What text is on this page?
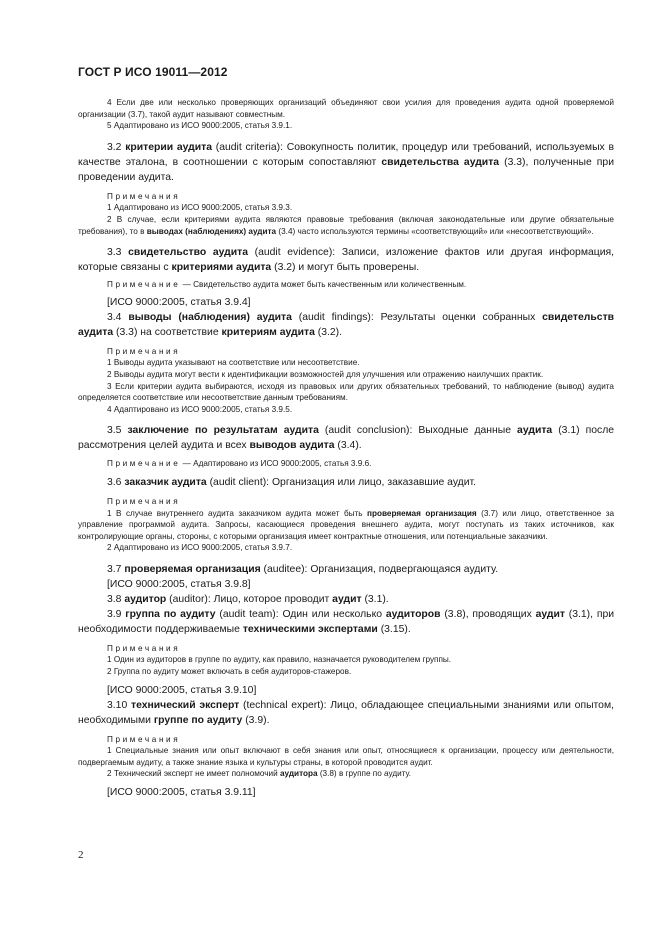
ГОСТ Р ИСО 19011—2012

4 Если две или несколько проверяющих организаций объединяют свои усилия для проведения аудита одной проверяемой организации (3.7), такой аудит называют совместным.

5 Адаптировано из ИСО 9000:2005, статья 3.9.1.

3.2 критерии аудита (audit criteria): Совокупность политик, процедур или требований, используемых в качестве эталона, в соотношении с которым сопоставляют свидетельства аудита (3.3), полученные при проведении аудита.

Примечания

1 Адаптировано из ИСО 9000:2005, статья 3.9.3.

2 В случае, если критериями аудита являются правовые требования (включая законодательные или другие обязательные требования), то в выводах (наблюдениях) аудита (3.4) часто используются термины «соответствующий» или «несоответствующий».

3.3 свидетельство аудита (audit evidence): Записи, изложение фактов или другая информация, которые связаны с критериями аудита (3.2) и могут быть проверены.

Примечание — Свидетельство аудита может быть качественным или количественным.

[ИСО 9000:2005, статья 3.9.4]

3.4 выводы (наблюдения) аудита (audit findings): Результаты оценки собранных свидетельств аудита (3.3) на соответствие критериям аудита (3.2).

Примечания

1 Выводы аудита указывают на соответствие или несоответствие.

2 Выводы аудита могут вести к идентификации возможностей для улучшения или отражению наилучших практик.

3 Если критерии аудита выбираются, исходя из правовых или других обязательных требований, то наблюдение (вывод) аудита определяется соответствие или несоответствие данным требованиям.

4 Адаптировано из ИСО 9000:2005, статья 3.9.5.

3.5 заключение по результатам аудита (audit conclusion): Выходные данные аудита (3.1) после рассмотрения целей аудита и всех выводов аудита (3.4).

Примечание — Адаптировано из ИСО 9000:2005, статья 3.9.6.

3.6 заказчик аудита (audit client): Организация или лицо, заказавшие аудит.

Примечания

1 В случае внутреннего аудита заказчиком аудита может быть проверяемая организация (3.7) или лицо, ответственное за управление программой аудита. Запросы, касающиеся проведения внешнего аудита, могут поступать из таких источников, как контролирующие органы, стороны, с которыми организация имеет контрактные отношения, или потенциальные заказчики.

2 Адаптировано из ИСО 9000:2005, статья 3.9.7.

3.7 проверяемая организация (auditee): Организация, подвергающаяся аудиту.

[ИСО 9000:2005, статья 3.9.8]

3.8 аудитор (auditor): Лицо, которое проводит аудит (3.1).

3.9 группа по аудиту (audit team): Один или несколько аудиторов (3.8), проводящих аудит (3.1), при необходимости поддерживаемые техническими экспертами (3.15).

Примечания

1 Один из аудиторов в группе по аудиту, как правило, назначается руководителем группы.

2 Группа по аудиту может включать в себя аудиторов-стажеров.

[ИСО 9000:2005, статья 3.9.10]

3.10 технический эксперт (technical expert): Лицо, обладающее специальными знаниями или опытом, необходимыми группе по аудиту (3.9).

Примечания

1 Специальные знания или опыт включают в себя знания или опыт, относящиеся к организации, процессу или деятельности, подвергаемым аудиту, а также знание языка и культуры страны, в которой проводится аудит.

2 Технический эксперт не имеет полномочий аудитора (3.8) в группе по аудиту.

[ИСО 9000:2005, статья 3.9.11]

2
